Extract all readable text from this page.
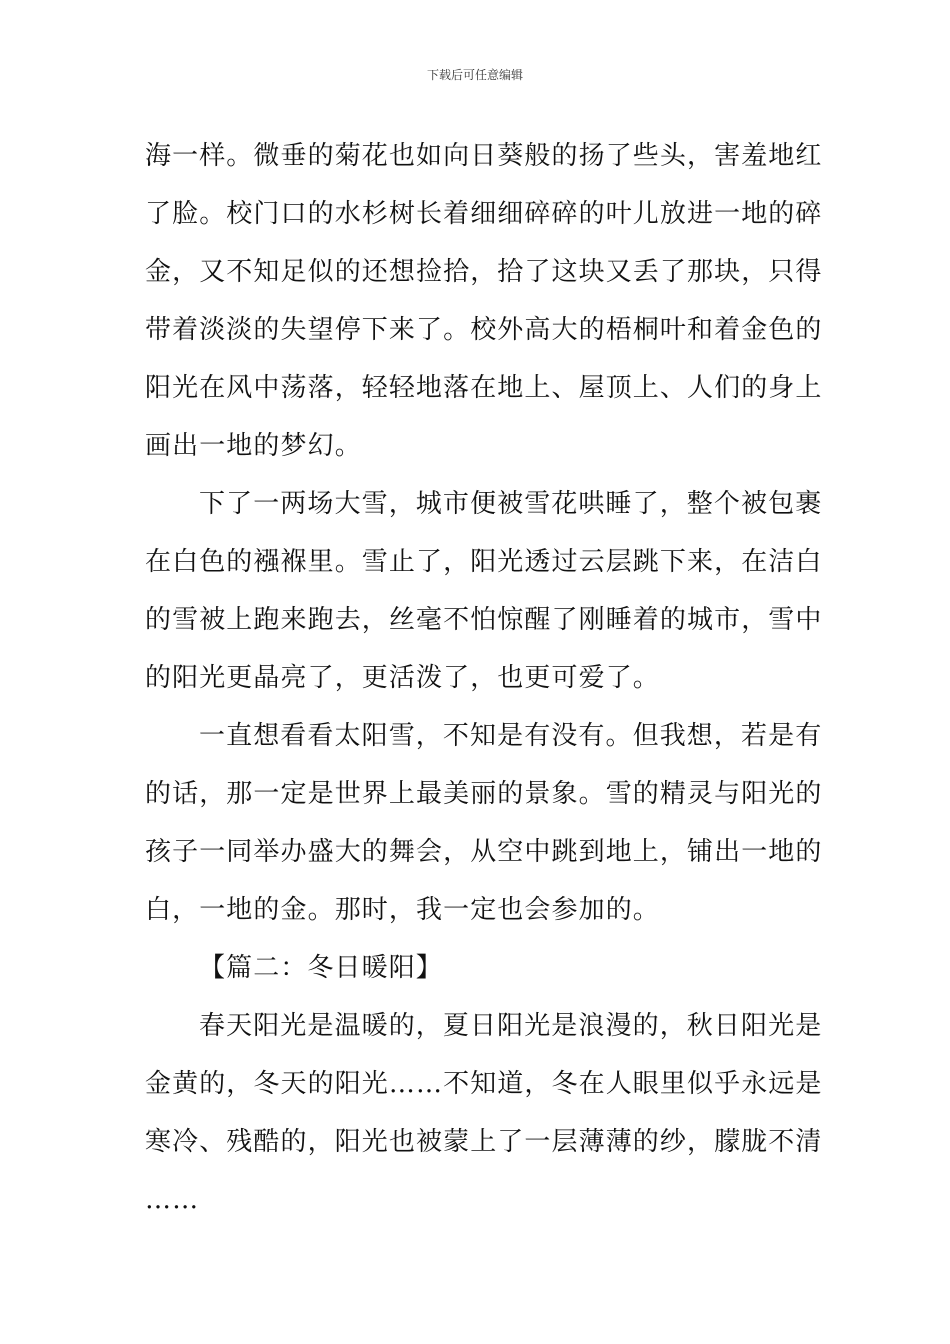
下载后可任意编辑
海一样。微垂的菊花也如向日葵般的扬了些头，害羞地红
了脸。校门口的水杉树长着细细碎碎的叶儿放进一地的碎
金，又不知足似的还想捡拾，拾了这块又丢了那块，只得
带着淡淡的失望停下来了。校外高大的梧桐叶和着金色的
阳光在风中荡落，轻轻地落在地上、屋顶上、人们的身上
画出一地的梦幻。
下了一两场大雪，城市便被雪花哄睡了，整个被包裹
在白色的襁褓里。雪止了，阳光透过云层跳下来，在洁白
的雪被上跑来跑去，丝毫不怕惊醒了刚睡着的城市，雪中
的阳光更晶亮了，更活泼了，也更可爱了。
一直想看看太阳雪，不知是有没有。但我想，若是有
的话，那一定是世界上最美丽的景象。雪的精灵与阳光的
孩子一同举办盛大的舞会，从空中跳到地上，铺出一地的
白，一地的金。那时，我一定也会参加的。
【篇二：冬日暖阳】
春天阳光是温暖的，夏日阳光是浪漫的，秋日阳光是
金黄的，冬天的阳光……不知道，冬在人眼里似乎永远是
寒冷、残酷的，阳光也被蒙上了一层薄薄的纱，朦胧不清
……
